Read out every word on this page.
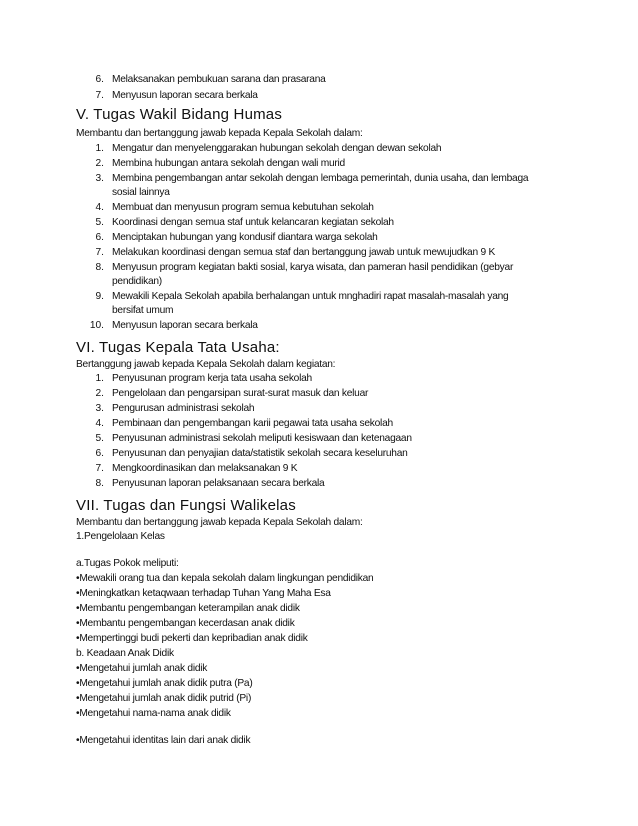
6. Melaksanakan pembukuan sarana dan prasarana
7. Menyusun laporan secara berkala
V. Tugas Wakil Bidang Humas
Membantu dan bertanggung jawab kepada Kepala Sekolah dalam:
1. Mengatur dan menyelenggarakan hubungan sekolah dengan dewan sekolah
2. Membina hubungan antara sekolah dengan wali murid
3. Membina pengembangan antar sekolah dengan lembaga pemerintah, dunia usaha, dan lembaga
sosial lainnya
4. Membuat dan menyusun program semua kebutuhan sekolah
5. Koordinasi dengan semua staf untuk kelancaran kegiatan sekolah
6. Menciptakan hubungan yang kondusif diantara warga sekolah
7. Melakukan koordinasi dengan semua staf dan bertanggung jawab untuk mewujudkan 9 K
8. Menyusun program kegiatan bakti sosial, karya wisata, dan pameran hasil pendidikan (gebyar
pendidikan)
9. Mewakili Kepala Sekolah apabila berhalangan untuk mnghadiri rapat masalah-masalah yang
bersifat umum
10. Menyusun laporan secara berkala
VI. Tugas Kepala Tata Usaha:
Bertanggung jawab kepada Kepala Sekolah dalam kegiatan:
1. Penyusunan program kerja tata usaha sekolah
2. Pengelolaan dan pengarsipan surat-surat masuk dan keluar
3. Pengurusan administrasi sekolah
4. Pembinaan dan pengembangan karii pegawai tata usaha sekolah
5. Penyusunan administrasi sekolah meliputi kesiswaan dan ketenagaan
6. Penyusunan dan penyajian data/statistik sekolah secara keseluruhan
7. Mengkoordinasikan dan melaksanakan 9 K
8. Penyusunan laporan pelaksanaan secara berkala
VII. Tugas dan Fungsi Walikelas
Membantu dan bertanggung jawab kepada Kepala Sekolah dalam:
1.Pengelolaan Kelas
a.Tugas Pokok meliputi:
•Mewakili orang tua dan kepala sekolah dalam lingkungan pendidikan
•Meningkatkan ketaqwaan terhadap Tuhan Yang Maha Esa
•Membantu pengembangan keterampilan anak didik
•Membantu pengembangan kecerdasan anak didik
•Mempertinggi budi pekerti dan kepribadian anak didik
b. Keadaan Anak Didik
•Mengetahui jumlah anak didik
•Mengetahui jumlah anak didik putra (Pa)
•Mengetahui jumlah anak didik putrid (Pi)
•Mengetahui nama-nama anak didik
•Mengetahui identitas lain dari anak didik
